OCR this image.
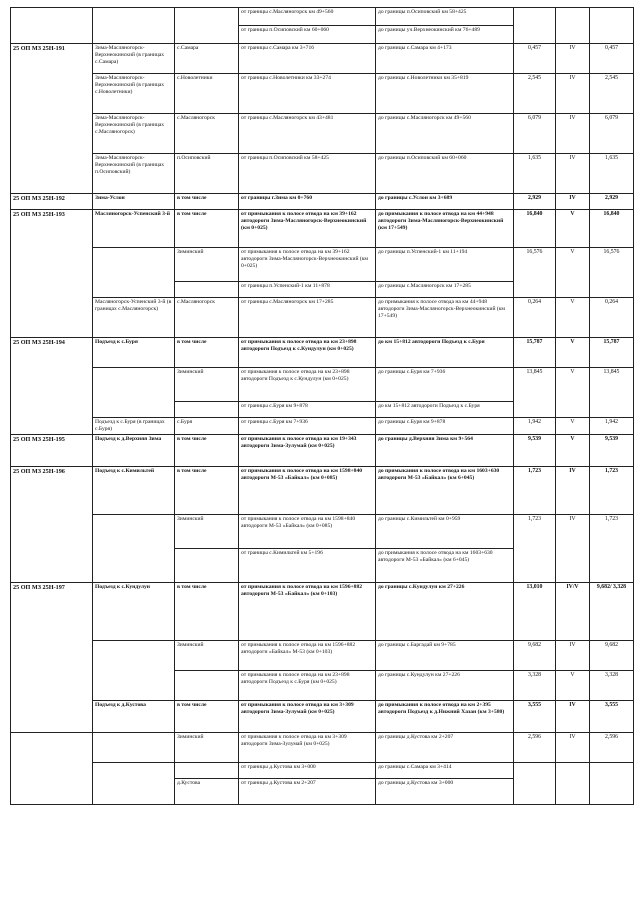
			от границы с.Масляногорск км 49+560	до границы п.Осиповский км 58+425			
			от границы п.Осиповский км 60+060	до границы уч.Верхнеокинский км 76+489			
25 ОП МЗ 25Н-191	Зима-Масляногорск-Верхнеокинский (в границах с.Самара)	с.Самара	от границы с.Самара км 3+716	до границы с.Самара км 4+173	0,457	IV	0,457
	Зима-Масляногорск-Верхнеокинский (в границах с.Новолетники)	с.Новолетники	от границы с.Новолетники км 33+274	до границы с.Новолетники км 35+819	2,545	IV	2,545
	Зима-Масляногорск-Верхнеокинский (в границах с.Масляногорск)	с.Масляногорск	от границы с.Масляногорск км 43+481	до границы с.Масляногорск км 49+560	6,079	IV	6,079
	Зима-Масляногорск-Верхнеокинский (в границах п.Осиповский)	п.Осиповский	от границы п.Осиповский км 58+425	до границы п.Осиповский км 60+060	1,635	IV	1,635
25 ОП МЗ 25Н-192	Зима-Услон	в том числе	от границы г.Зима км 0+760	до границы с.Услон км 3+689	2,929	IV	2,929
25 ОП МЗ 25Н-193	Масляногорск-Успенский 3-й	в том числе	от примыкания к полосе отвода на км 39+162 автодороги Зима-Масляногорск-Верхнеокинский (км 0+025)	до примыкания к полосе отвода на км 44+948 автодороги Зима-Масляногорск-Верхнеокинский (км 17+549)	16,840	V	16,840
		Зиминский	от примыкания к полосе отвода на км 39+162 автодороги Зима-Масляногорск-Верхнеокинский (км 0+025)	до границы п.Успенский-1 км 11+194	16,576	V	16,576
			от границы п.Успенский-1 км 11+878	до границы с.Масляногорск км 17+285			
	Масляногорск-Успенский 3-й (в границах с.Масляногорск)	с.Масляногорск	от границы с.Масляногорск км 17+285	до примыкания к полосе отвода на км 44+948 автодороги Зима-Масляногорск-Верхнеокинский (км 17+549)	0,264	V	0,264
25 ОП МЗ 25Н-194	Подъезд к с.Буря	в том числе	от примыкания к полосе отвода на км 23+898 автодороги Подъезд к с.Кундулун (км 0+025)	до км 15+812 автодороги Подъезд к с.Буря	15,787	V	15,787
		Зиминский	от примыкания к полосе отвода на км 23+898 автодороги Подъезд к с.Кундулун (км 0+025)	до границы с.Буря км 7+936	13,845	V	13,845
			от границы с.Буря км 9+878	до км 15+812 автодороги Подъезд к с.Буря			
	Подъезд к с.Буря (в границах с.Буря)	с.Буря	от границы с.Буря км 7+936	до границы с.Буря км 9+878	1,942	V	1,942
25 ОП МЗ 25Н-195	Подъезд к д.Верхняя Зима	в том числе	от примыкания к полосе отвода на км 19+343 автодороги Зима-Зулумай (км 0+025)	до границы д.Верхняя Зима км 9+564	9,539	V	9,539
25 ОП МЗ 25Н-196	Подъезд к с.Кимильтей	в том числе	от примыкания к полосе отвода на км 1598+840 автодороги М-53 «Байкал» (км 0+085)	до примыкания к полосе отвода на км 1603+630 автодороги М-53 «Байкал» (км 6+045)	1,723	IV	1,723
		Зиминский	от примыкания к полосе отвода на км 1598+840 автодороги М-53 «Байкал» (км 0+085)	до границы с.Кимильтей км 0+959	1,723	IV	1,723
			от границы с.Кимильтей км 5+196	до примыкания к полосе отвода на км 1603+630 автодороги М-53 «Байкал» (км 6+045)			
25 ОП МЗ 25Н-197	Подъезд к с.Кундулун	в том числе	от примыкания к полосе отвода на км 1596+882 автодороги М-53 «Байкал» (км 0+103)	до границы с.Кундулун км 27+226	13,010	IV/V	9,682/ 3,328
		Зиминский	от примыкания к полосе отвода на км 1596+882 автодороги «Байкал» М-53 (км 0+103)	до границы с.Баргадай км 9+785	9,682	IV	9,682
			от примыкания к полосе отвода на км 23+898 автодороги Подъезд к с.Буря (км 0+025)	до границы с.Кундулун км 27+226	3,328	V	3,328
	Подъезд к д.Кустова	в том числе	от примыкания к полосе отвода на км 3+309 автодороги Зима-Зулумай (км 0+025)	до примыкания к полосе отвода на км 2+395 автодороги Подъезд к д.Нижний Хазан (км 3+580)	3,555	IV	3,555
		Зиминский	от примыкания к полосе отвода на км 3+309 автодороги Зима-Зулумай (км 0+025)	до границы д.Кустова км 2+207	2,596	IV	2,596
			от границы д.Кустова км 3+000	до границы с.Самара км 3+414			
		д.Кустова	от границы д.Кустова км 2+207	до границы д.Кустова км 3+000			
